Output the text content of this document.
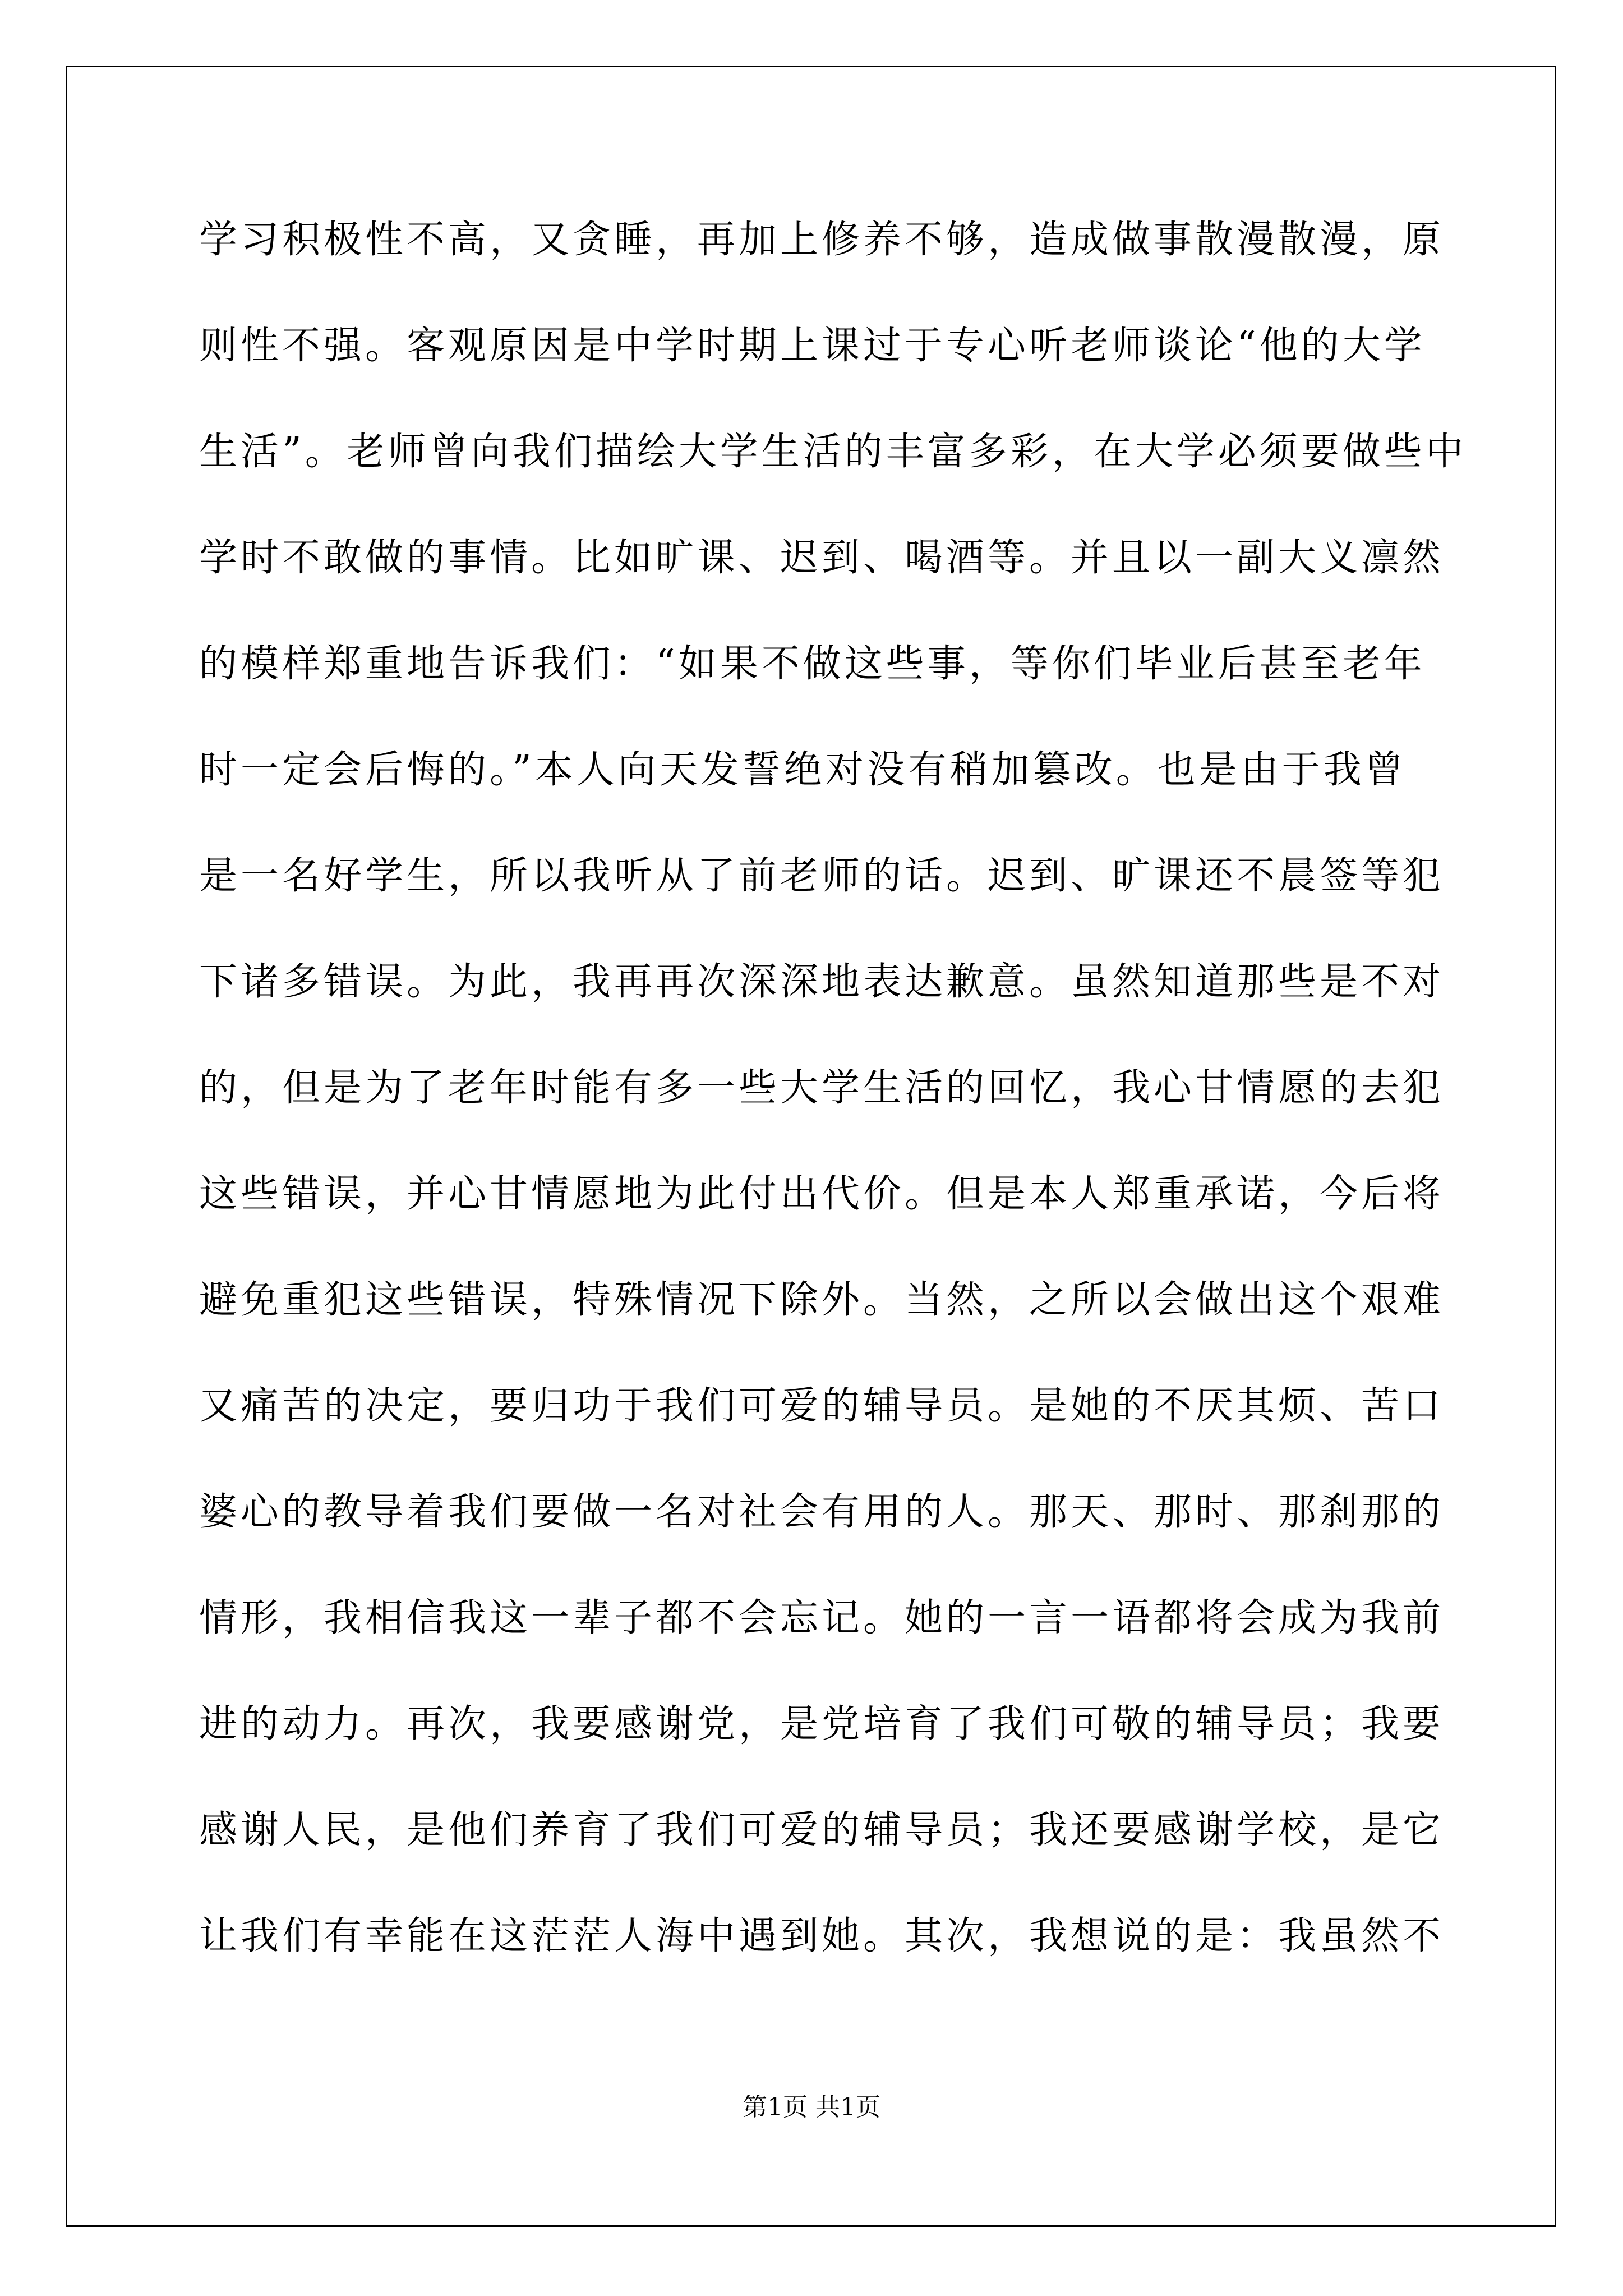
学习积极性不高，又贪睡，再加上修养不够，造成做事散漫散漫，原
则性不强。客观原因是中学时期上课过于专心听老师谈论“他的大学
生活”。老师曾向我们描绘大学生活的丰富多彩，在大学必须要做些中
学时不敢做的事情。比如旷课、迟到、喝酒等。并且以一副大义凛然
的模样郑重地告诉我们：“如果不做这些事，等你们毕业后甚至老年
时一定会后悔的。”本人向天发誓绝对没有稍加篡改。也是由于我曾
是一名好学生，所以我听从了前老师的话。迟到、旷课还不晨签等犯
下诸多错误。为此，我再再次深深地表达歉意。虽然知道那些是不对
的，但是为了老年时能有多一些大学生活的回忆，我心甘情愿的去犯
这些错误，并心甘情愿地为此付出代价。但是本人郑重承诺，今后将
避免重犯这些错误，特殊情况下除外。当然，之所以会做出这个艰难
又痛苦的决定，要归功于我们可爱的辅导员。是她的不厌其烦、苦口
婆心的教导着我们要做一名对社会有用的人。那天、那时、那刹那的
情形，我相信我这一辈子都不会忘记。她的一言一语都将会成为我前
进的动力。再次，我要感谢党，是党培育了我们可敬的辅导员；我要
感谢人民，是他们养育了我们可爱的辅导员；我还要感谢学校，是它
让我们有幸能在这茫茫人海中遇到她。其次，我想说的是：我虽然不
第1页 共1页
